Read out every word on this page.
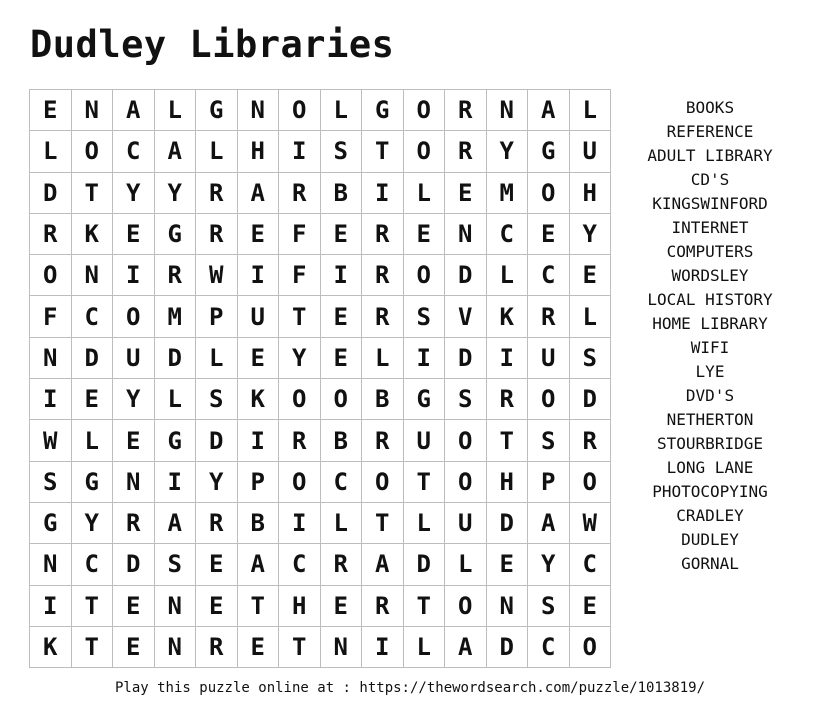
Dudley Libraries
E	N	A	L	G	N	O	L	G	O	R	N	A	L
L	O	C	A	L	H	I	S	T	O	R	Y	G	U
D	T	Y	Y	R	A	R	B	I	L	E	M	O	H
R	K	E	G	R	E	F	E	R	E	N	C	E	Y
O	N	I	R	W	I	F	I	R	O	D	L	C	E
F	C	O	M	P	U	T	E	R	S	V	K	R	L
N	D	U	D	L	E	Y	E	L	I	D	I	U	S
I	E	Y	L	S	K	O	O	B	G	S	R	O	D
W	L	E	G	D	I	R	B	R	U	O	T	S	R
S	G	N	I	Y	P	O	C	O	T	O	H	P	O
G	Y	R	A	R	B	I	L	T	L	U	D	A	W
N	C	D	S	E	A	C	R	A	D	L	E	Y	C
I	T	E	N	E	T	H	E	R	T	O	N	S	E
K	T	E	N	R	E	T	N	I	L	A	D	C	O
BOOKS
REFERENCE
ADULT LIBRARY
CD'S
KINGSWINFORD
INTERNET
COMPUTERS
WORDSLEY
LOCAL HISTORY
HOME LIBRARY
WIFI
LYE
DVD'S
NETHERTON
STOURBRIDGE
LONG LANE
PHOTOCOPYING
CRADLEY
DUDLEY
GORNAL
Play this puzzle online at : https://thewordsearch.com/puzzle/1013819/
